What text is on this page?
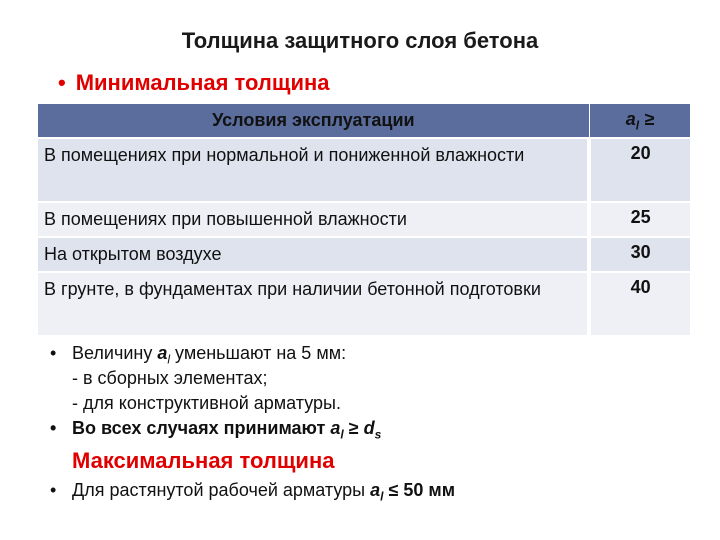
Толщина защитного слоя бетона
• Минимальная толщина
Условия эксплуатации	$a_l$ ≥
В помещениях при нормальной и пониженной влажности	20
В помещениях при повышенной влажности	25
На открытом воздухе	30
В грунте, в фундаментах при наличии бетонной подготовки	40
• Величину $a_l$ уменьшают на 5 мм:
- в сборных элементах;
- для конструктивной арматуры.
• Во всех случаях принимают $a_l \ge d_s$
Максимальная толщина
• Для растянутой рабочей арматуры $a_l \le 50$ мм
